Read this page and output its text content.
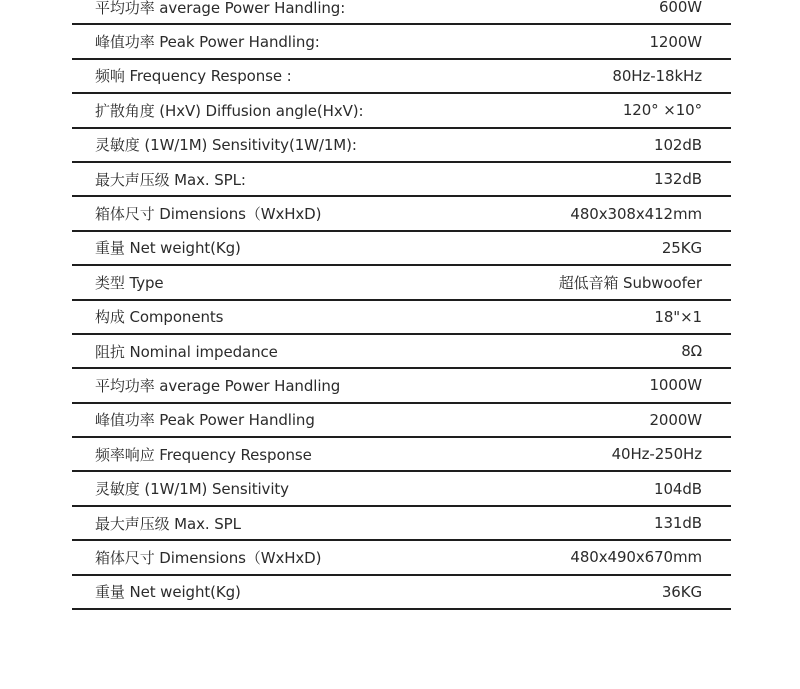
平均功率 average Power Handling:	600W
峰值功率 Peak Power Handling:	1200W
频响 Frequency Response :	80Hz-18kHz
扩散角度 (HxV) Diffusion angle(HxV):	120° ×10°
灵敏度 (1W/1M) Sensitivity(1W/1M):	102dB
最大声压级 Max. SPL:	132dB
箱体尺寸 Dimensions（WxHxD)	480x308x412mm
重量 Net weight(Kg)	25KG
类型 Type	超低音箱 Subwoofer
构成 Components	18"×1
阻抗 Nominal impedance	8Ω
平均功率 average Power Handling	1000W
峰值功率 Peak Power Handling	2000W
频率响应 Frequency Response	40Hz-250Hz
灵敏度 (1W/1M) Sensitivity	104dB
最大声压级 Max. SPL	131dB
箱体尺寸 Dimensions（WxHxD)	480x490x670mm
重量 Net weight(Kg)	36KG
